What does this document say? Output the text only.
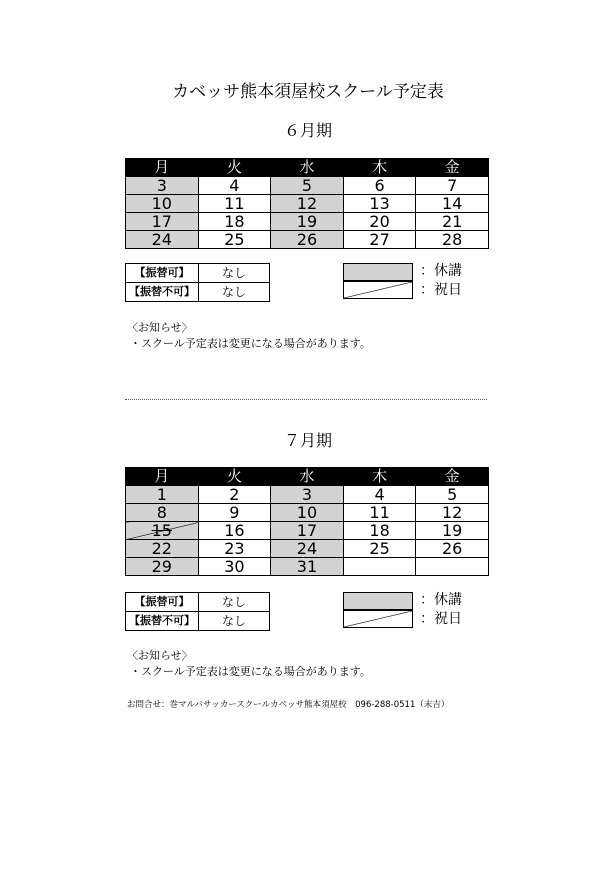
カベッサ熊本須屋校スクール予定表
６月期
月	火	水	木	金
3	4	5	6	7
10	11	12	13	14
17	18	19	20	21
24	25	26	27	28
【振替可】	なし
【振替不可】	なし
：休講
：祝日
〈お知らせ〉
・スクール予定表は変更になる場合があります。
７月期
月	火	水	木	金
1	2	3	4	5
8	9	10	11	12
15	16	17	18	19
22	23	24	25	26
29	30	31		
【振替可】	なし
【振替不可】	なし
：休講
：祝日
〈お知らせ〉
・スクール予定表は変更になる場合があります。
お問合せ：巻マルバサッカースクールカベッサ熊本須屋校　096-288-0511（末吉）
